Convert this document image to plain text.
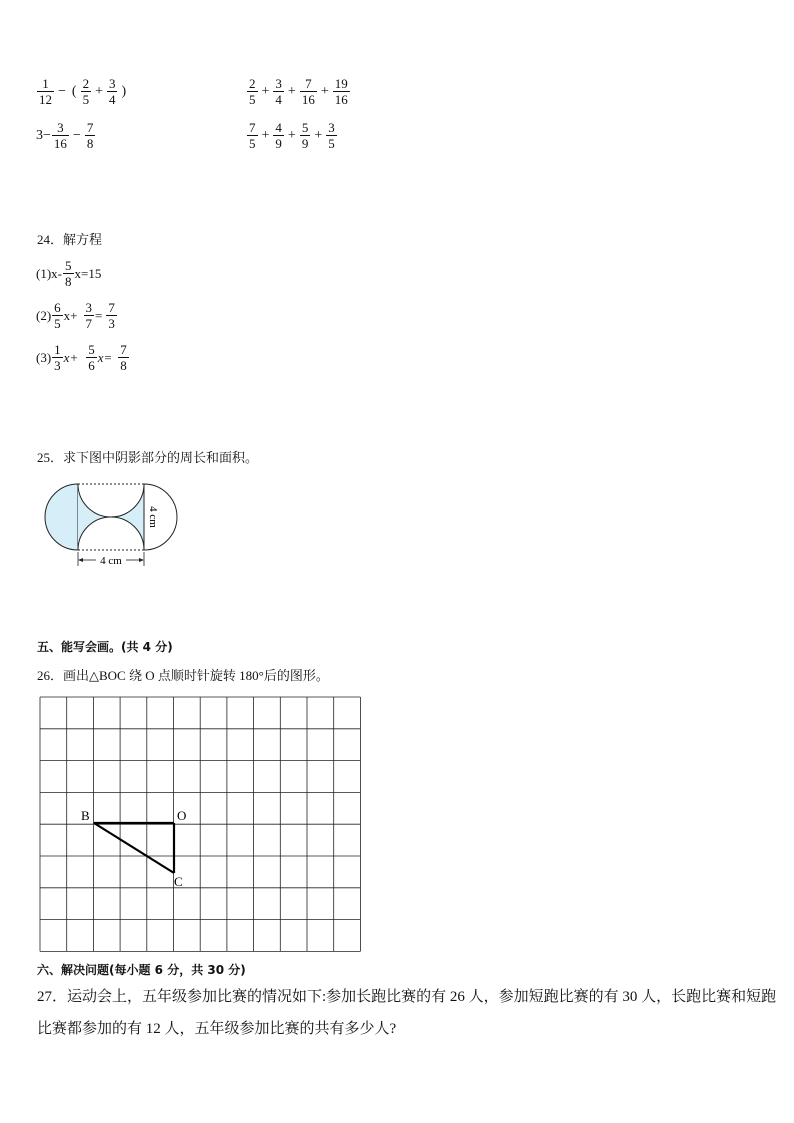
$\frac{1}{12}$ − ( $\frac{2}{5} + \frac{3}{4}$ )
$3- \frac{3}{16} - \frac{7}{8}$
$\frac{2}{5} + \frac{3}{4} + \frac{7}{16} + \frac{19}{16}$
$\frac{7}{5} + \frac{4}{9} + \frac{5}{9} + \frac{3}{5}$
24．解方程
$(1)x- \frac{5}{8} x=15$
$(2) \frac{6}{5} x+ \frac{3}{7} = \frac{7}{3}$
$(3) \frac{1}{3} x+ \frac{5}{6} x= \frac{7}{8}$
25．求下图中阴影部分的周长和面积。
4 cm
4 cm
五、能写会画。(共 4 分)
26．画出△BOC 绕 O 点顺时针旋转 180°后的图形。
B	O
C
六、解决问题(每小题 6 分，共 30 分)
27．运动会上，五年级参加比赛的情况如下:参加长跑比赛的有 26 人，参加短跑比赛的有 30 人，长跑比赛和短跑比赛都参加的有 12 人，五年级参加比赛的共有多少人?
